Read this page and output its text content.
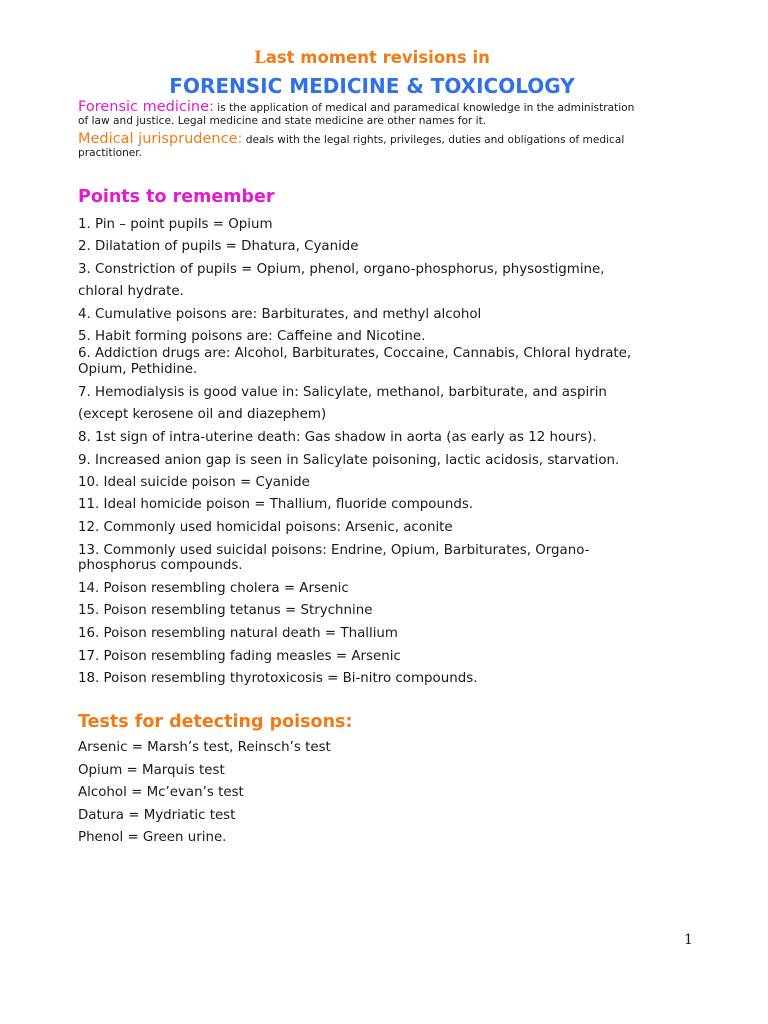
Last moment revisions in
FORENSIC MEDICINE & TOXICOLOGY
Forensic medicine: is the application of medical and paramedical knowledge in the administration
of law and justice. Legal medicine and state medicine are other names for it.
Medical jurisprudence: deals with the legal rights, privileges, duties and obligations of medical
practitioner.
Points to remember
1. Pin – point pupils = Opium
2. Dilatation of pupils = Dhatura, Cyanide
3. Constriction of pupils = Opium, phenol, organo-phosphorus, physostigmine,
chloral hydrate.
4. Cumulative poisons are: Barbiturates, and methyl alcohol
5. Habit forming poisons are: Caffeine and Nicotine.
6. Addiction drugs are: Alcohol, Barbiturates, Coccaine, Cannabis, Chloral hydrate,
Opium, Pethidine.
7. Hemodialysis is good value in: Salicylate, methanol, barbiturate, and aspirin
(except kerosene oil and diazephem)
8. 1st sign of intra-uterine death: Gas shadow in aorta (as early as 12 hours).
9. Increased anion gap is seen in Salicylate poisoning, lactic acidosis, starvation.
10. Ideal suicide poison = Cyanide
11. Ideal homicide poison = Thallium, fluoride compounds.
12. Commonly used homicidal poisons: Arsenic, aconite
13. Commonly used suicidal poisons: Endrine, Opium, Barbiturates, Organo-
phosphorus compounds.
14. Poison resembling cholera = Arsenic
15. Poison resembling tetanus = Strychnine
16. Poison resembling natural death = Thallium
17. Poison resembling fading measles = Arsenic
18. Poison resembling thyrotoxicosis = Bi-nitro compounds.
Tests for detecting poisons:
Arsenic = Marsh’s test, Reinsch’s test
Opium = Marquis test
Alcohol = Mc’evan’s test
Datura = Mydriatic test
Phenol = Green urine.
1
